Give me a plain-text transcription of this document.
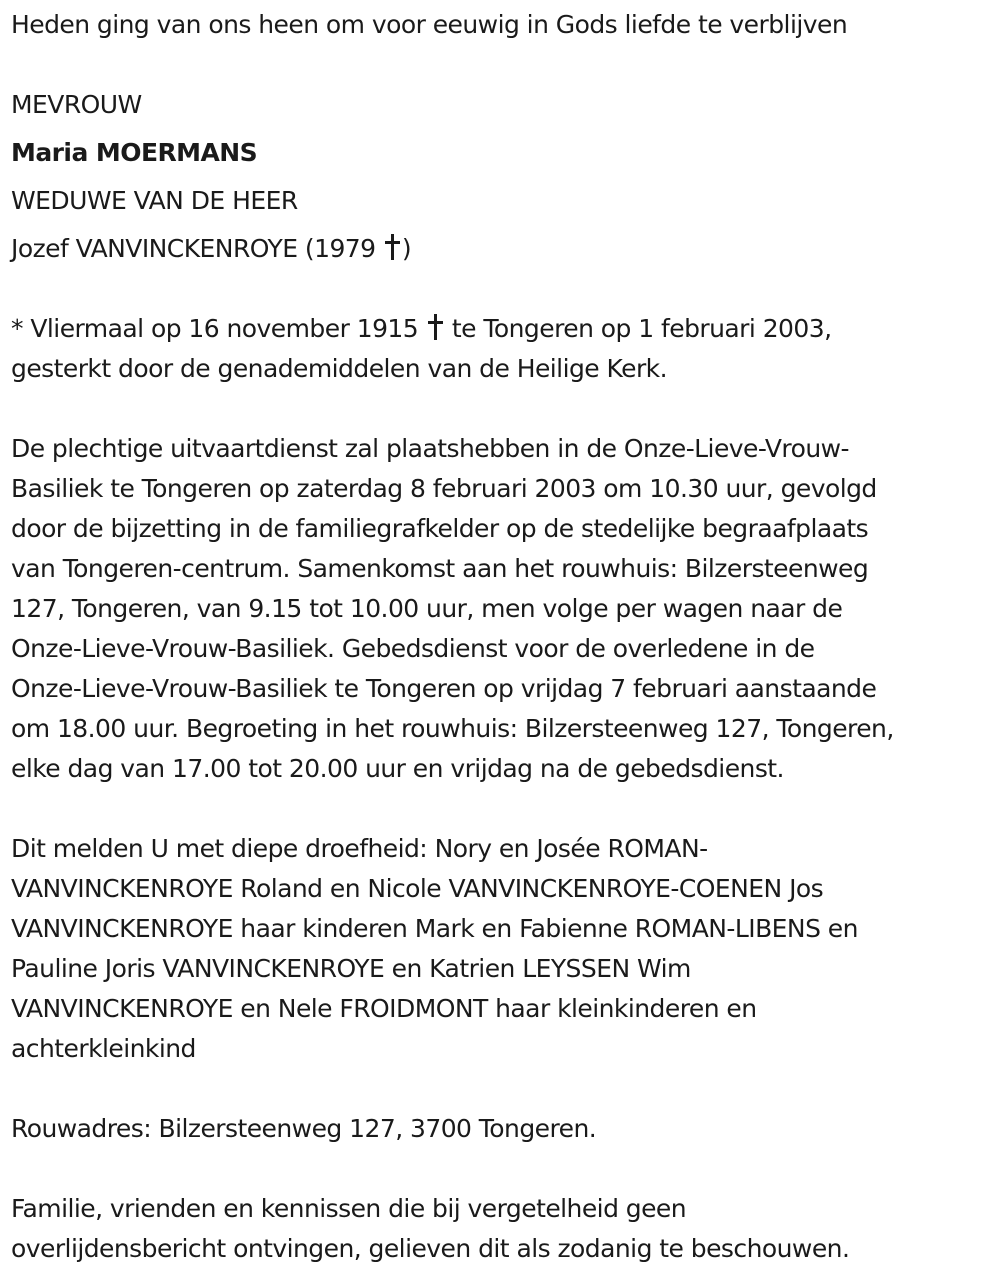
Heden ging van ons heen om voor eeuwig in Gods liefde te verblijven
MEVROUW
Maria MOERMANS
WEDUWE VAN DE HEER
Jozef VANVINCKENROYE (1979 )
* Vliermaal op 16 november 1915  te Tongeren op 1 februari 2003,
gesterkt door de genademiddelen van de Heilige Kerk.
De plechtige uitvaartdienst zal plaatshebben in de Onze-Lieve-Vrouw-
Basiliek te Tongeren op zaterdag 8 februari 2003 om 10.30 uur, gevolgd
door de bijzetting in de familiegrafkelder op de stedelijke begraafplaats
van Tongeren-centrum. Samenkomst aan het rouwhuis: Bilzersteenweg
127, Tongeren, van 9.15 tot 10.00 uur, men volge per wagen naar de
Onze-Lieve-Vrouw-Basiliek. Gebedsdienst voor de overledene in de
Onze-Lieve-Vrouw-Basiliek te Tongeren op vrijdag 7 februari aanstaande
om 18.00 uur. Begroeting in het rouwhuis: Bilzersteenweg 127, Tongeren,
elke dag van 17.00 tot 20.00 uur en vrijdag na de gebedsdienst.
Dit melden U met diepe droefheid: Nory en Josée ROMAN-
VANVINCKENROYE Roland en Nicole VANVINCKENROYE-COENEN Jos
VANVINCKENROYE haar kinderen Mark en Fabienne ROMAN-LIBENS en
Pauline Joris VANVINCKENROYE en Katrien LEYSSEN Wim
VANVINCKENROYE en Nele FROIDMONT haar kleinkinderen en
achterkleinkind
Rouwadres: Bilzersteenweg 127, 3700 Tongeren.
Familie, vrienden en kennissen die bij vergetelheid geen
overlijdensbericht ontvingen, gelieven dit als zodanig te beschouwen.
